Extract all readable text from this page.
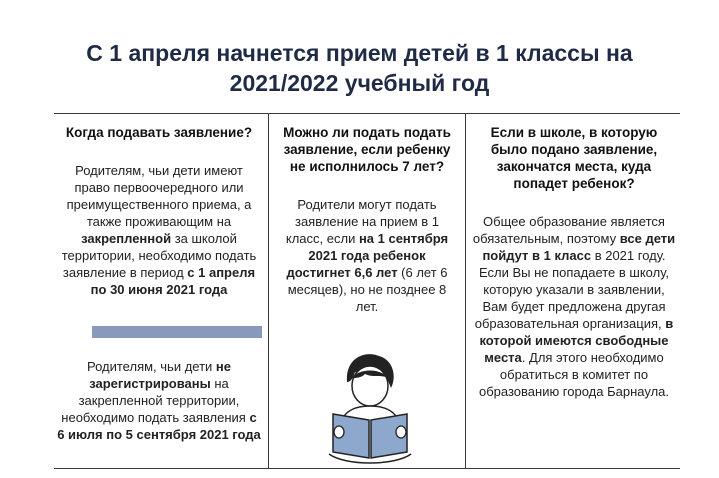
С 1 апреля начнется прием детей в 1 классы на
2021/2022 учебный год
Когда подавать заявление?

Родителям, чьи дети имеют право первоочередного или преимущественного приема, а также проживающим на закрепленной за школой территории, необходимо подать заявление в период с 1 апреля по 30 июня 2021 года

Родителям, чьи дети не зарегистрированы на закрепленной территории, необходимо подать заявления с 6 июля по 5 сентября 2021 года

Можно ли подать подать заявление, если ребенку не исполнилось 7 лет?

Родители могут подать заявление на прием в 1 класс, если на 1 сентября 2021 года ребенок достигнет 6,6 лет (6 лет 6 месяцев), но не позднее 8 лет.

Если в школе, в которую было подано заявление, закончатся места, куда попадет ребенок?

Общее образование является обязательным, поэтому все дети пойдут в 1 класс в 2021 году. Если Вы не попадаете в школу, которую указали в заявлении, Вам будет предложена другая образовательная организация, в которой имеются свободные места. Для этого необходимо обратиться в комитет по образованию города Барнаула.
